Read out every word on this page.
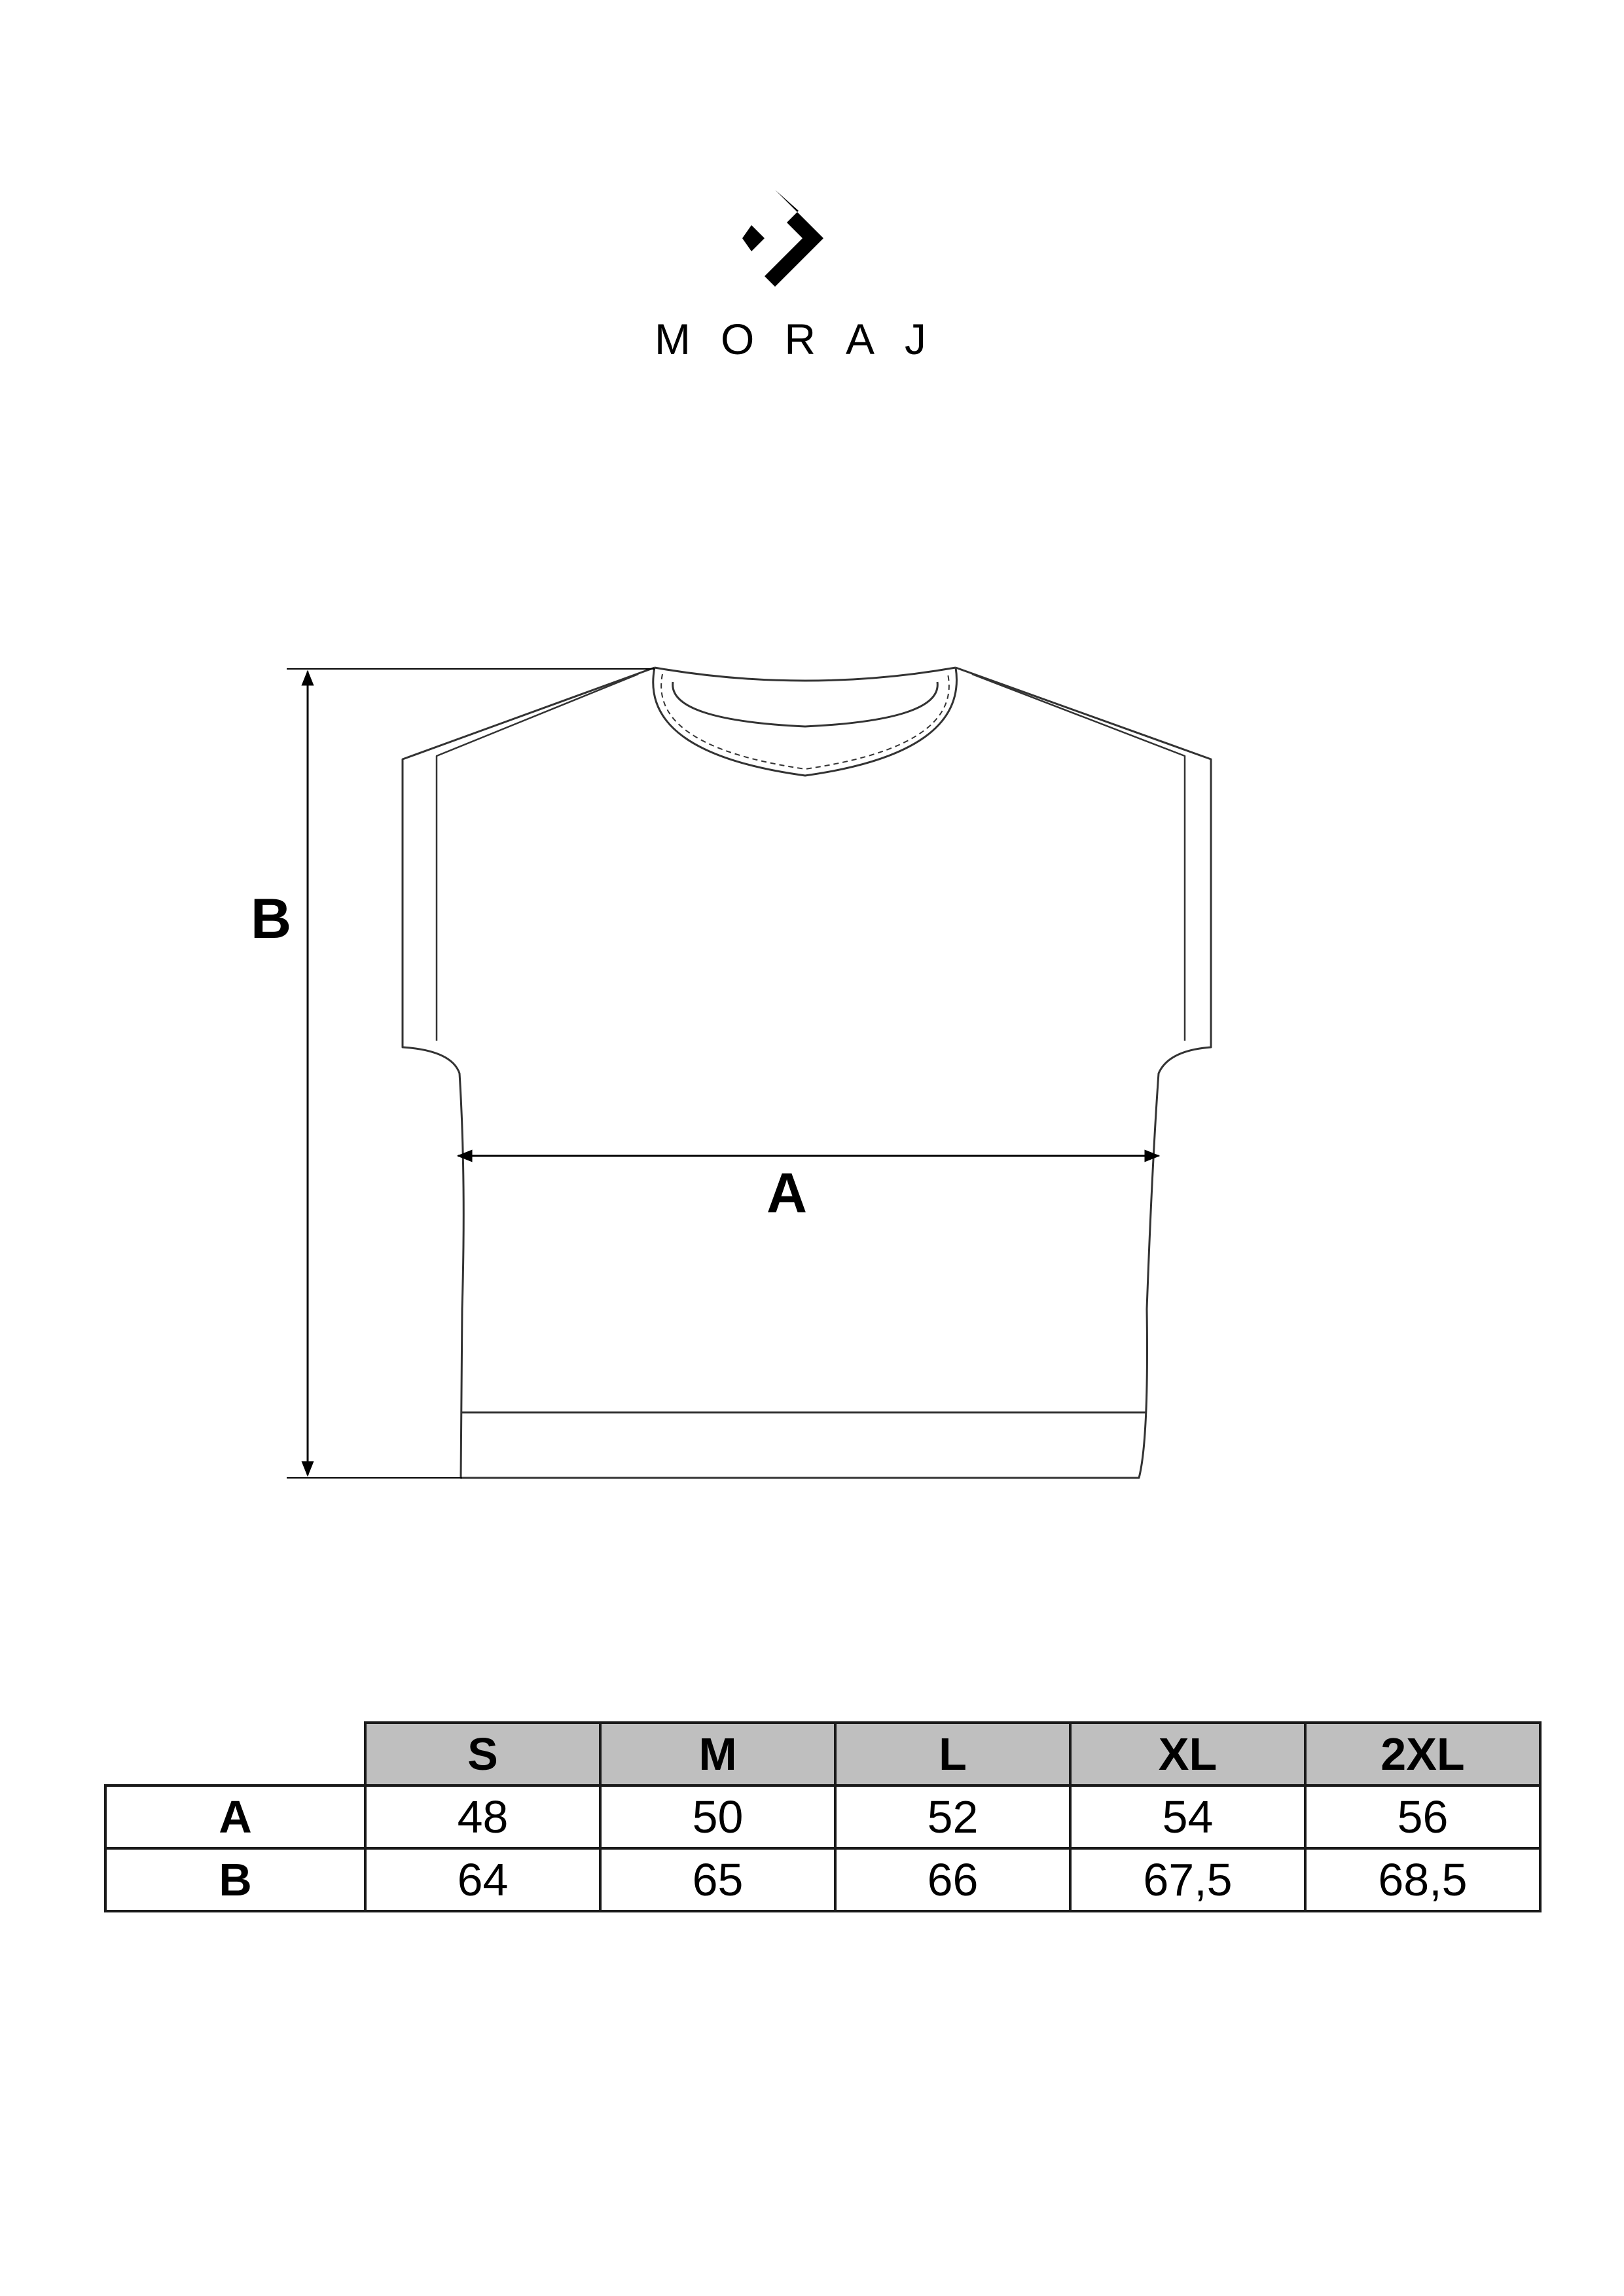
MORAJ
B
A
	S	M	L	XL	2XL
A	48	50	52	54	56
B	64	65	66	67,5	68,5
